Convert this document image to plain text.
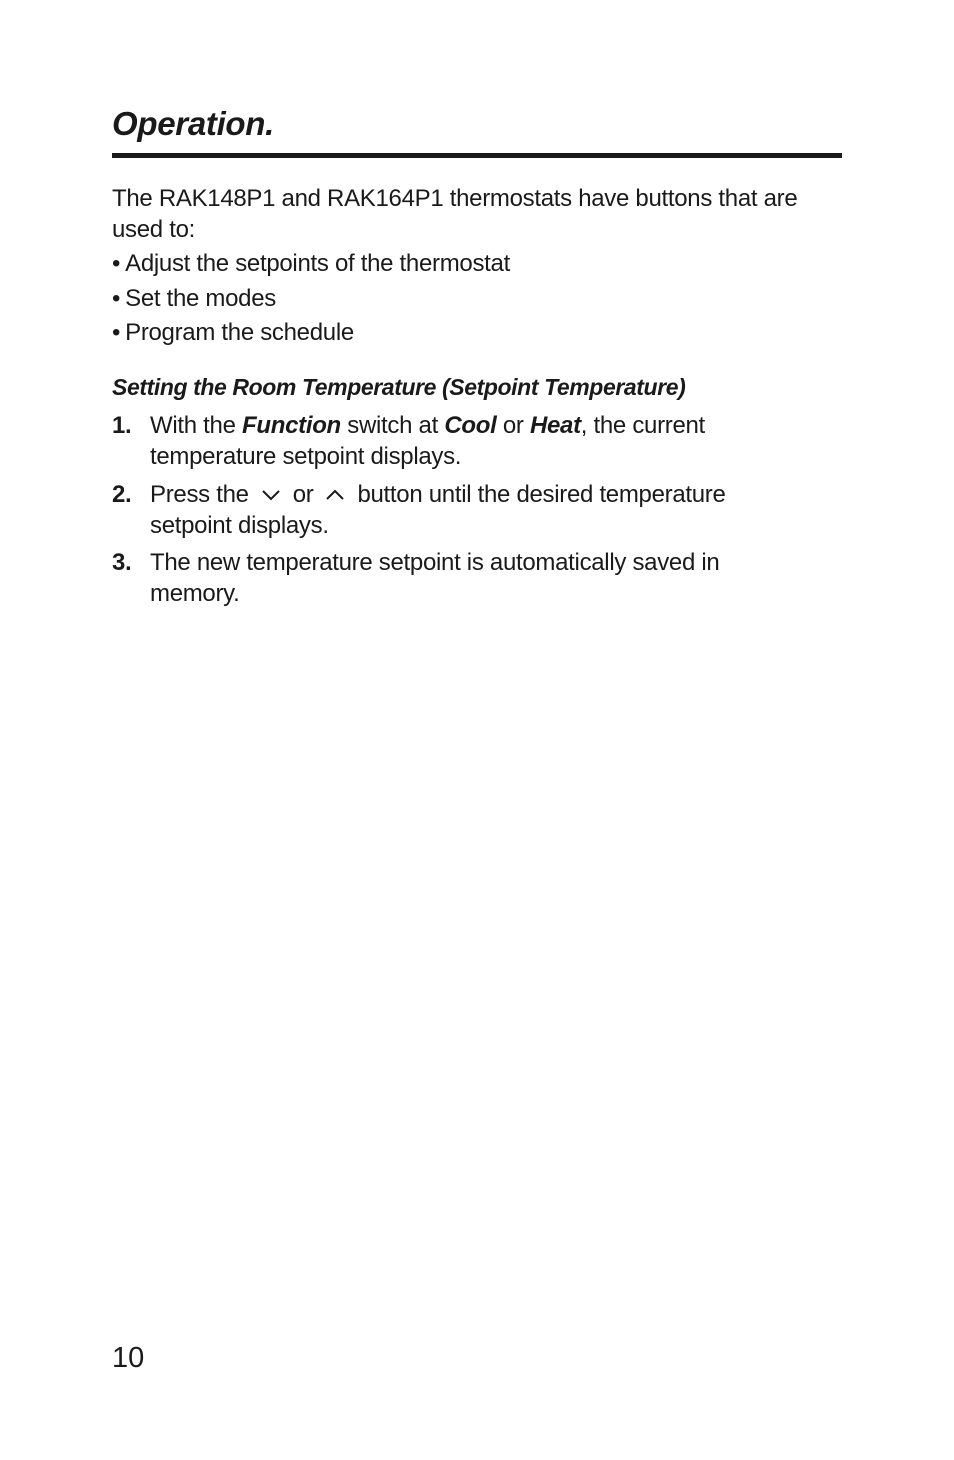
Operation.

The RAK148P1 and RAK164P1 thermostats have buttons that are used to:

• Adjust the setpoints of the thermostat
• Set the modes
• Program the schedule
Setting the Room Temperature (Setpoint Temperature)
1. With the Function switch at Cool or Heat, the current temperature setpoint displays.
2. Press the or button until the desired temperature setpoint displays.
3. The new temperature setpoint is automatically saved in memory.
10
